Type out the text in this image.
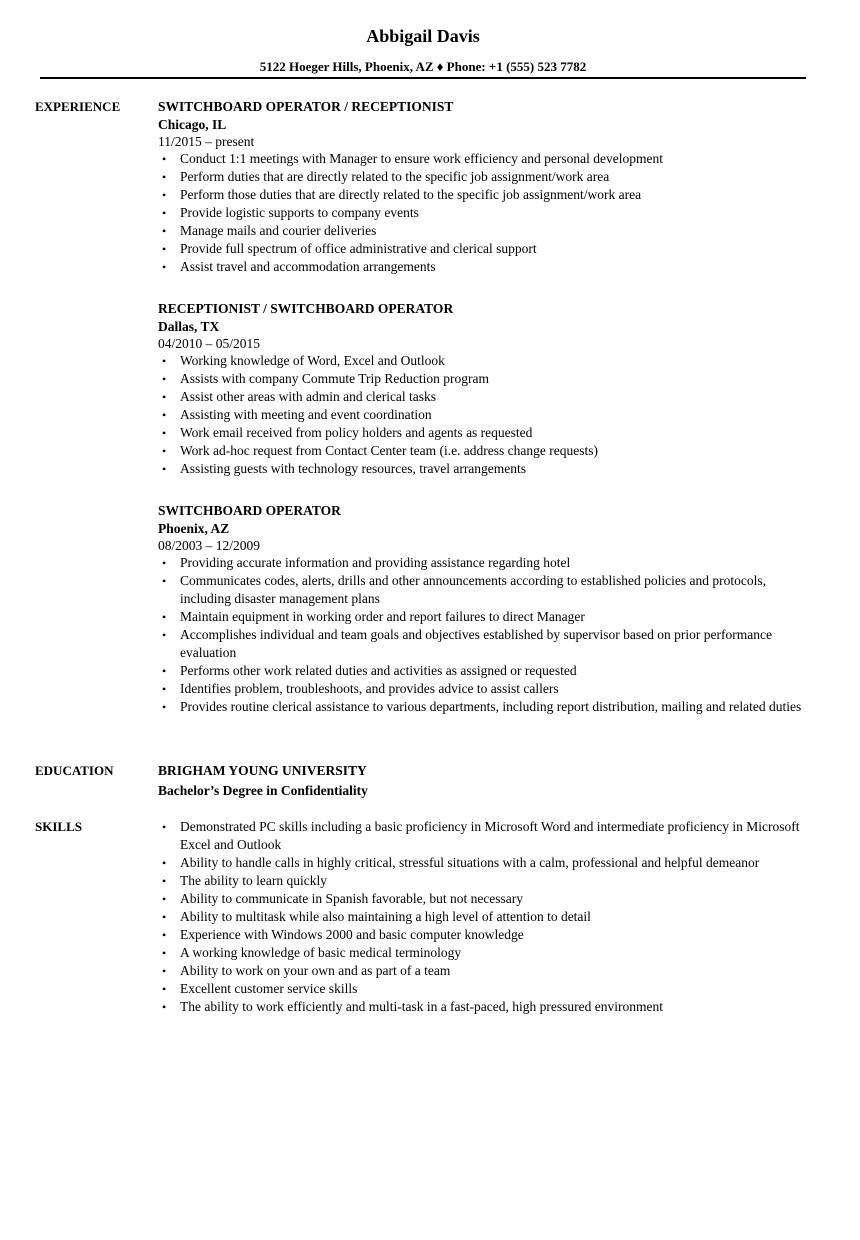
Abbigail Davis
5122 Hoeger Hills, Phoenix, AZ ♦ Phone: +1 (555) 523 7782
EXPERIENCE	SWITCHBOARD OPERATOR / RECEPTIONIST

Chicago, IL

11/2015 – present

• Conduct 1:1 meetings with Manager to ensure work efficiency and personal development
• Perform duties that are directly related to the specific job assignment/work area
• Perform those duties that are directly related to the specific job assignment/work area
• Provide logistic supports to company events
• Manage mails and courier deliveries
• Provide full spectrum of office administrative and clerical support
• Assist travel and accommodation arrangements

RECEPTIONIST / SWITCHBOARD OPERATOR

Dallas, TX

04/2010 – 05/2015

• Working knowledge of Word, Excel and Outlook
• Assists with company Commute Trip Reduction program
• Assist other areas with admin and clerical tasks
• Assisting with meeting and event coordination
• Work email received from policy holders and agents as requested
• Work ad-hoc request from Contact Center team (i.e. address change requests)
• Assisting guests with technology resources, travel arrangements

SWITCHBOARD OPERATOR

Phoenix, AZ

08/2003 – 12/2009

• Providing accurate information and providing assistance regarding hotel
• Communicates codes, alerts, drills and other announcements according to established policies and protocols, including disaster management plans
• Maintain equipment in working order and report failures to direct Manager
• Accomplishes individual and team goals and objectives established by supervisor based on prior performance evaluation
• Performs other work related duties and activities as assigned or requested
• Identifies problem, troubleshoots, and provides advice to assist callers
• Provides routine clerical assistance to various departments, including report distribution, mailing and related duties
EDUCATION	BRIGHAM YOUNG UNIVERSITY

Bachelor’s Degree in Confidentiality

SKILLS	• Demonstrated PC skills including a basic proficiency in Microsoft Word and intermediate proficiency in Microsoft Excel and Outlook
• Ability to handle calls in highly critical, stressful situations with a calm, professional and helpful demeanor
• The ability to learn quickly
• Ability to communicate in Spanish favorable, but not necessary
• Ability to multitask while also maintaining a high level of attention to detail
• Experience with Windows 2000 and basic computer knowledge
• A working knowledge of basic medical terminology
• Ability to work on your own and as part of a team
• Excellent customer service skills
• The ability to work efficiently and multi-task in a fast-paced, high pressured environment
